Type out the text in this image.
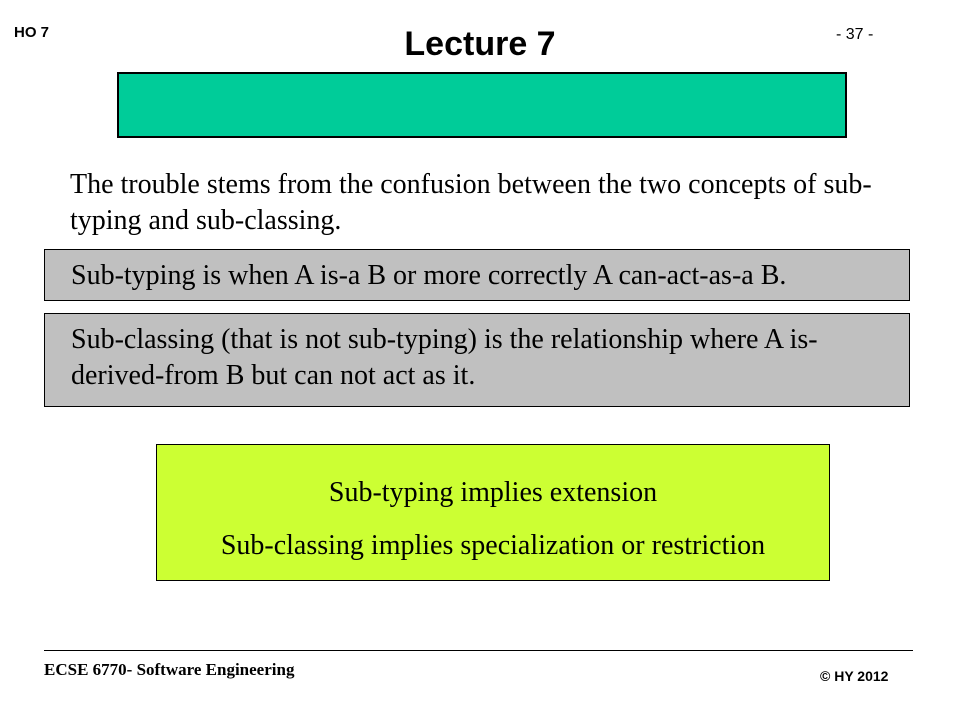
HO 7	Lecture 7	- 37 -
The trouble stems from the confusion between the two concepts of sub-typing and sub-classing.
Sub-typing is when A is-a B or more correctly A can-act-as-a B.
Sub-classing (that is not sub-typing) is the relationship where A is-derived-from B but can not act as it.
Sub-typing implies extension
Sub-classing implies specialization or restriction
ECSE 6770- Software Engineering	© HY 2012
